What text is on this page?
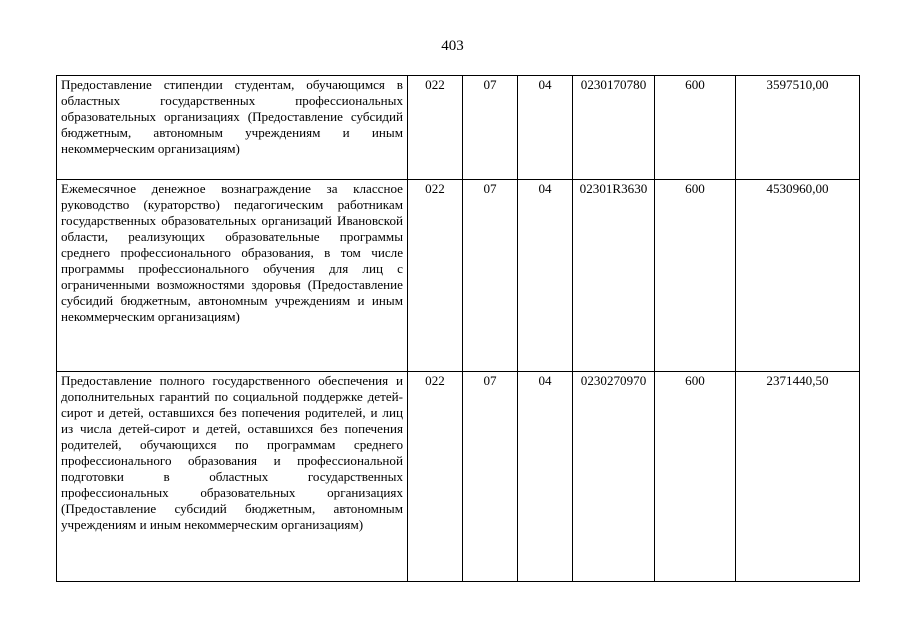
403
Предоставление стипендии студентам, обучающимся в областных государственных профессиональных образовательных организациях (Предоставление субсидий бюджетным, автономным учреждениям и иным некоммерческим организациям)	022	07	04	0230170780	600	3597510,00
Ежемесячное денежное вознаграждение за классное руководство (кураторство) педагогическим работникам государственных образовательных организаций Ивановской области, реализующих образовательные программы среднего профессионального образования, в том числе программы профессионального обучения для лиц с ограниченными возможностями здоровья (Предоставление субсидий бюджетным, автономным учреждениям и иным некоммерческим организациям)	022	07	04	02301R3630	600	4530960,00
Предоставление полного государственного обеспечения и дополнительных гарантий по социальной поддержке детей-сирот и детей, оставшихся без попечения родителей, и лиц из числа детей-сирот и детей, оставшихся без попечения родителей, обучающихся по программам среднего профессионального образования и профессиональной подготовки в областных государственных профессиональных образовательных организациях (Предоставление субсидий бюджетным, автономным учреждениям и иным некоммерческим организациям)	022	07	04	0230270970	600	2371440,50
